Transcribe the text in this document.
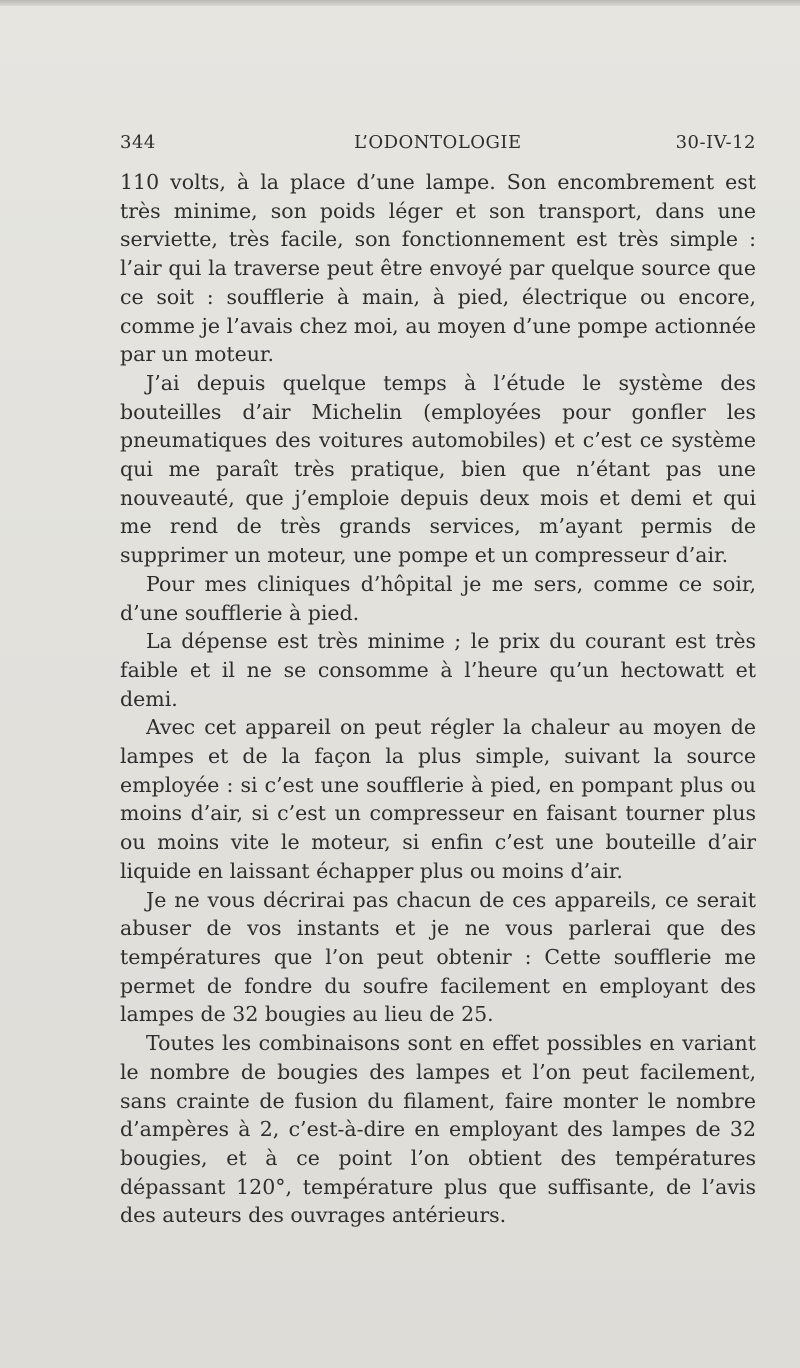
344	L’ODONTOLOGIE	30-IV-12

110 volts, à la place d’une lampe. Son encombrement est très minime, son poids léger et son transport, dans une serviette, très facile, son fonctionnement est très simple : l’air qui la traverse peut être envoyé par quelque source que ce soit : soufflerie à main, à pied, électrique ou encore, comme je l’avais chez moi, au moyen d’une pompe actionnée par un moteur.

J’ai depuis quelque temps à l’étude le système des bouteilles d’air Michelin (employées pour gonfler les pneumatiques des voitures automobiles) et c’est ce système qui me paraît très pratique, bien que n’étant pas une nouveauté, que j’emploie depuis deux mois et demi et qui me rend de très grands services, m’ayant permis de supprimer un moteur, une pompe et un compresseur d’air.

Pour mes cliniques d’hôpital je me sers, comme ce soir, d’une soufflerie à pied.

La dépense est très minime ; le prix du courant est très faible et il ne se consomme à l’heure qu’un hectowatt et demi.

Avec cet appareil on peut régler la chaleur au moyen de lampes et de la façon la plus simple, suivant la source employée : si c’est une soufflerie à pied, en pompant plus ou moins d’air, si c’est un compresseur en faisant tourner plus ou moins vite le moteur, si enfin c’est une bouteille d’air liquide en laissant échapper plus ou moins d’air.

Je ne vous décrirai pas chacun de ces appareils, ce serait abuser de vos instants et je ne vous parlerai que des températures que l’on peut obtenir : Cette soufflerie me permet de fondre du soufre facilement en employant des lampes de 32 bougies au lieu de 25.

Toutes les combinaisons sont en effet possibles en variant le nombre de bougies des lampes et l’on peut facilement, sans crainte de fusion du filament, faire monter le nombre d’ampères à 2, c’est-à-dire en employant des lampes de 32 bougies, et à ce point l’on obtient des températures dépassant 120°, température plus que suffisante, de l’avis des auteurs des ouvrages antérieurs.
